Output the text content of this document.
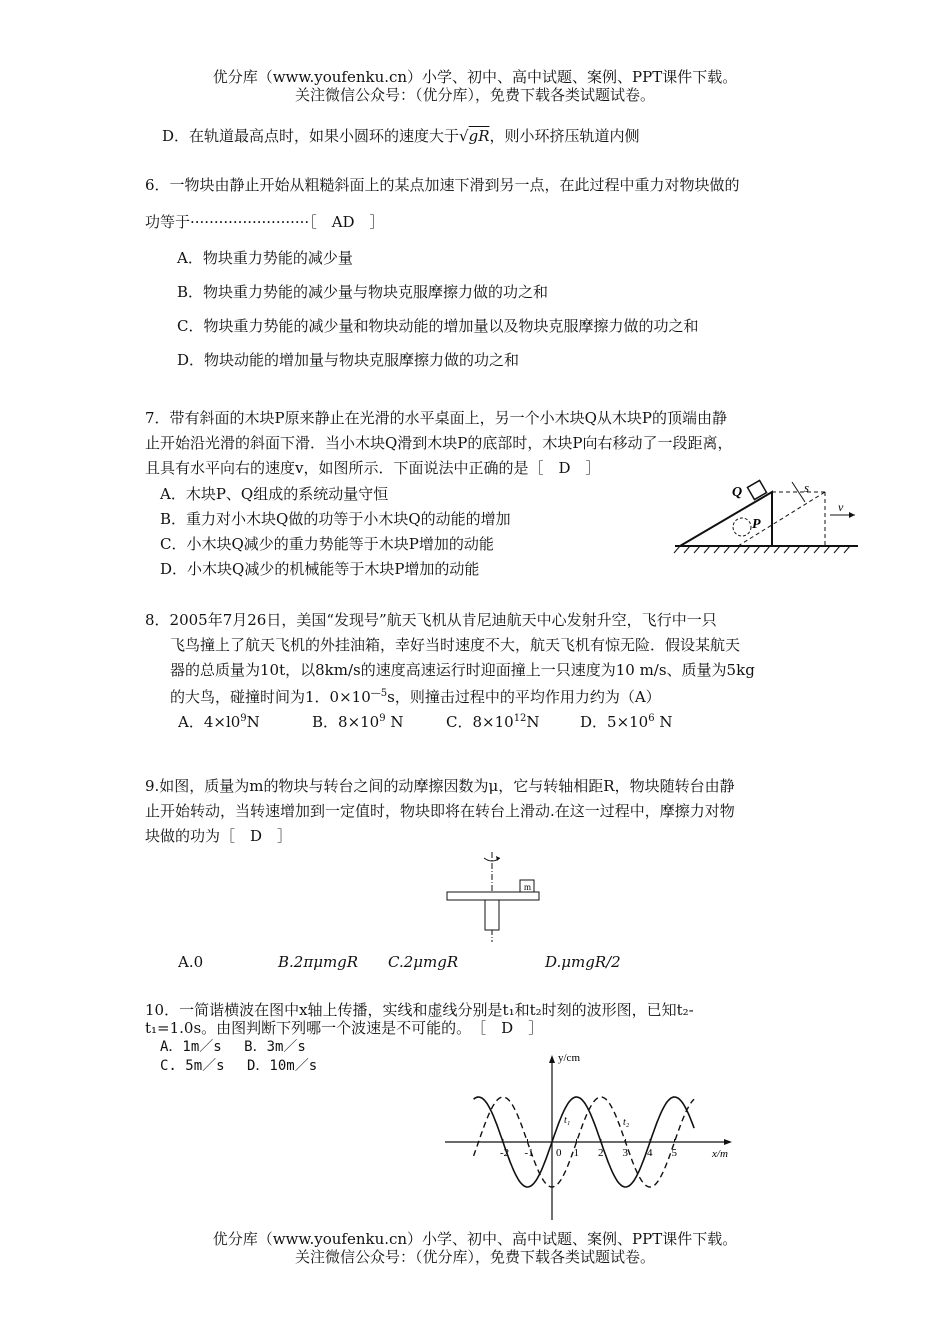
优分库（www.youfenku.cn）小学、初中、高中试题、案例、PPT课件下载。
关注微信公众号：（优分库），免费下载各类试题试卷。
D．在轨道最高点时，如果小圆环的速度大于√gR，则小环挤压轨道内侧
6．一物块由静止开始从粗糙斜面上的某点加速下滑到另一点，在此过程中重力对物块做的
功等于·························［　AD　］
A．物块重力势能的减少量
B．物块重力势能的减少量与物块克服摩擦力做的功之和
C．物块重力势能的减少量和物块动能的增加量以及物块克服摩擦力做的功之和
D．物块动能的增加量与物块克服摩擦力做的功之和
7．带有斜面的木块P原来静止在光滑的水平桌面上，另一个小木块Q从木块P的顶端由静
止开始沿光滑的斜面下滑．当小木块Q滑到木块P的底部时，木块P向右移动了一段距离，
且具有水平向右的速度v，如图所示．下面说法中正确的是［　D　］
A．木块P、Q组成的系统动量守恒
B．重力对小木块Q做的功等于小木块Q的动能的增加
C．小木块Q减少的重力势能等于木块P增加的动能
D．小木块Q减少的机械能等于木块P增加的动能
Q
P
s
v
8．2005年7月26日，美国“发现号”航天飞机从肯尼迪航天中心发射升空，飞行中一只
飞鸟撞上了航天飞机的外挂油箱，幸好当时速度不大，航天飞机有惊无险．假设某航天
器的总质量为10t，以8km/s的速度高速运行时迎面撞上一只速度为10 m/s、质量为5kg
的大鸟，碰撞时间为1．$0\times 10^{—5}s$，则撞击过程中的平均作用力约为（A）
A．$4\times l0^9N$	B．$8\times 10^9$ N	C．$8\times 10^{12}N$	D．$5\times 10^6$ N
9.如图，质量为m的物块与转台之间的动摩擦因数为μ，它与转轴相距R，物块随转台由静
止开始转动，当转速增加到一定值时，物块即将在转台上滑动.在这一过程中，摩擦力对物
块做的功为［　D　］
m
A.0	B.2πμmgR C.2μmgR	D.μmgR/2
10．一简谐横波在图中x轴上传播，实线和虚线分别是t₁和t₂时刻的波形图，已知t₂-
t₁=1.0s。由图判断下列哪一个波速是不可能的。　［　D　］
A．1m／s　 B．3m／s
C. 5m／s　 D．10m／s	y/cm
x/m
-2 -1 0 1 2 3 4 5
t₁	t₂
优分库（www.youfenku.cn）小学、初中、高中试题、案例、PPT课件下载。
关注微信公众号：（优分库），免费下载各类试题试卷。
